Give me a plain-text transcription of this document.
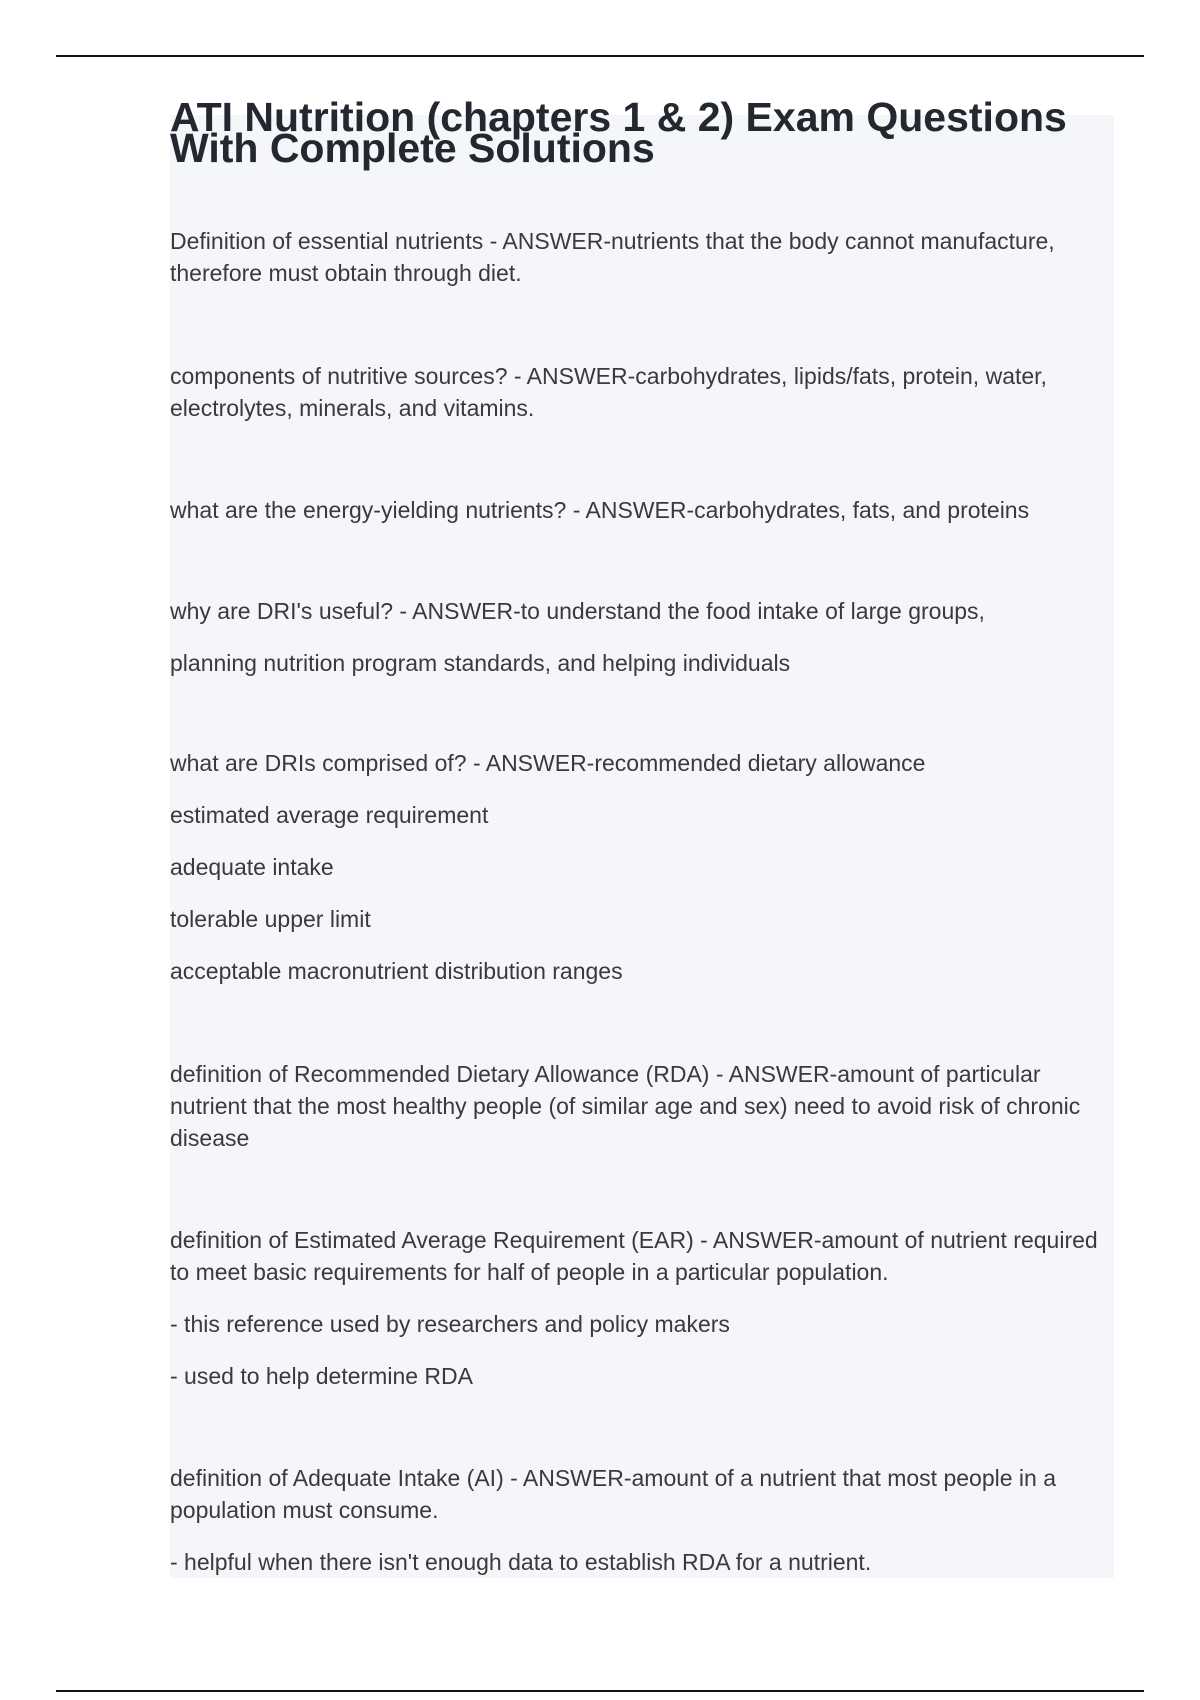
ATI Nutrition (chapters 1 & 2) Exam Questions With Complete Solutions

Definition of essential nutrients - ANSWER-nutrients that the body cannot manufacture, therefore must obtain through diet.

components of nutritive sources? - ANSWER-carbohydrates, lipids/fats, protein, water, electrolytes, minerals, and vitamins.

what are the energy-yielding nutrients? - ANSWER-carbohydrates, fats, and proteins

why are DRI's useful? - ANSWER-to understand the food intake of large groups,

planning nutrition program standards, and helping individuals

what are DRIs comprised of? - ANSWER-recommended dietary allowance

estimated average requirement

adequate intake

tolerable upper limit

acceptable macronutrient distribution ranges

definition of Recommended Dietary Allowance (RDA) - ANSWER-amount of particular nutrient that the most healthy people (of similar age and sex) need to avoid risk of chronic disease

definition of Estimated Average Requirement (EAR) - ANSWER-amount of nutrient required to meet basic requirements for half of people in a particular population.

- this reference used by researchers and policy makers

- used to help determine RDA

definition of Adequate Intake (AI) - ANSWER-amount of a nutrient that most people in a population must consume.

- helpful when there isn't enough data to establish RDA for a nutrient.
